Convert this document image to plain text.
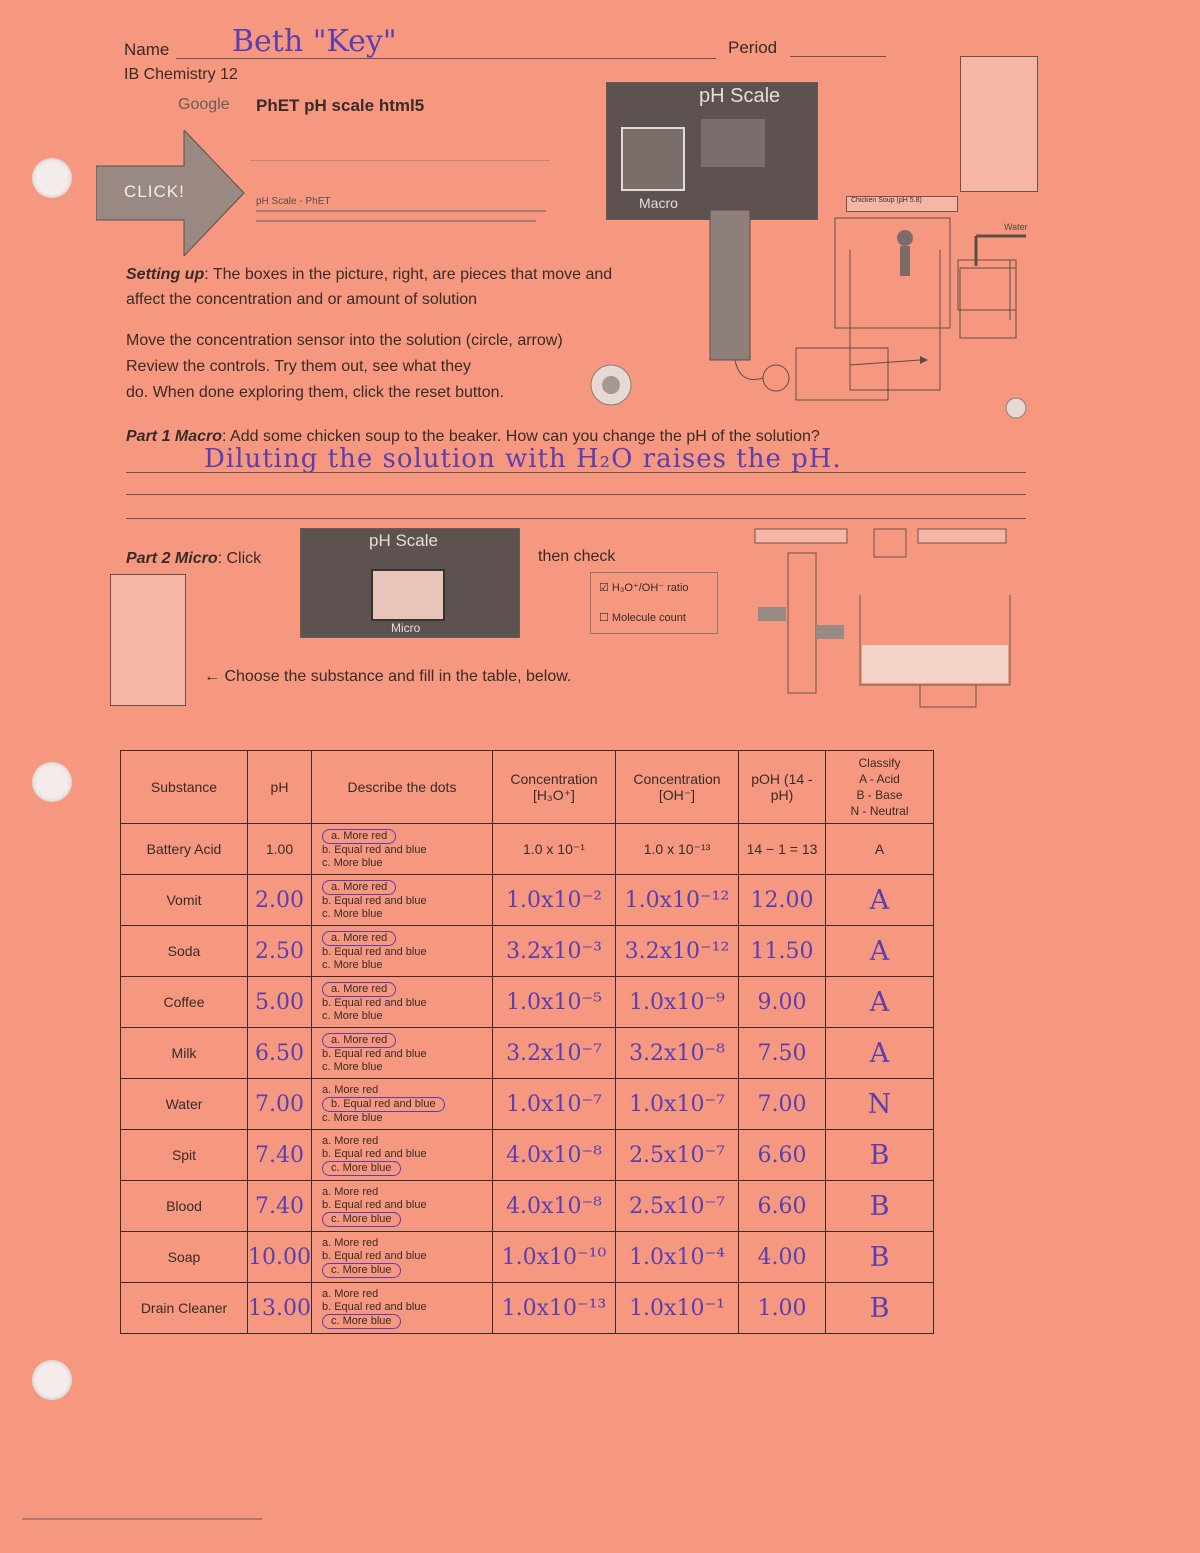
Name Beth "Key"	Period
IB Chemistry 12
Google PhET pH scale html5
pH Scale - PhET
CLICK!
pH Scale
Macro	Chicken Soup (pH 5.8)
Water
Setting up: The boxes in the picture, right, are pieces that move and
affect the concentration and or amount of solution
Move the concentration sensor into the solution (circle, arrow)
Review the controls. Try them out, see what they
do. When done exploring them, click the reset button.
Part 1 Macro: Add some chicken soup to the beaker. How can you change the pH of the solution?
Diluting the solution with H₂O raises the pH.
Part 2 Micro: Click
pH Scale
Micro
then check
☑ H₃O⁺/OH⁻ ratio
☐ Molecule count
← Choose the substance and fill in the table, below.
Substance	pH	Describe the dots	Concentration [H₃O⁺]	Concentration [OH⁻]	pOH (14 - pH)	Classify
A - Acid
B - Base
N - Neutral

Battery Acid	1.00	a. More red
b. Equal red and blue
c. More blue	1.0 x 10⁻¹	1.0 x 10⁻¹³	14 − 1 = 13	A
Vomit	2.00	a. More red
b. Equal red and blue
c. More blue	1.0x10⁻²	1.0x10⁻¹²	12.00	A
Soda	2.50	a. More red
b. Equal red and blue
c. More blue	3.2x10⁻³	3.2x10⁻¹²	11.50	A
Coffee	5.00	a. More red
b. Equal red and blue
c. More blue	1.0x10⁻⁵	1.0x10⁻⁹	9.00	A
Milk	6.50	a. More red
b. Equal red and blue
c. More blue	3.2x10⁻⁷	3.2x10⁻⁸	7.50	A
Water	7.00	a. More red
b. Equal red and blue
c. More blue	1.0x10⁻⁷	1.0x10⁻⁷	7.00	N
Spit	7.40	a. More red
b. Equal red and blue
c. More blue	4.0x10⁻⁸	2.5x10⁻⁷	6.60	B
Blood	7.40	a. More red
b. Equal red and blue
c. More blue	4.0x10⁻⁸	2.5x10⁻⁷	6.60	B
Soap	10.00	a. More red
b. Equal red and blue
c. More blue	1.0x10⁻¹⁰	1.0x10⁻⁴	4.00	B
Drain Cleaner	13.00	a. More red
b. Equal red and blue
c. More blue	1.0x10⁻¹³	1.0x10⁻¹	1.00	B
